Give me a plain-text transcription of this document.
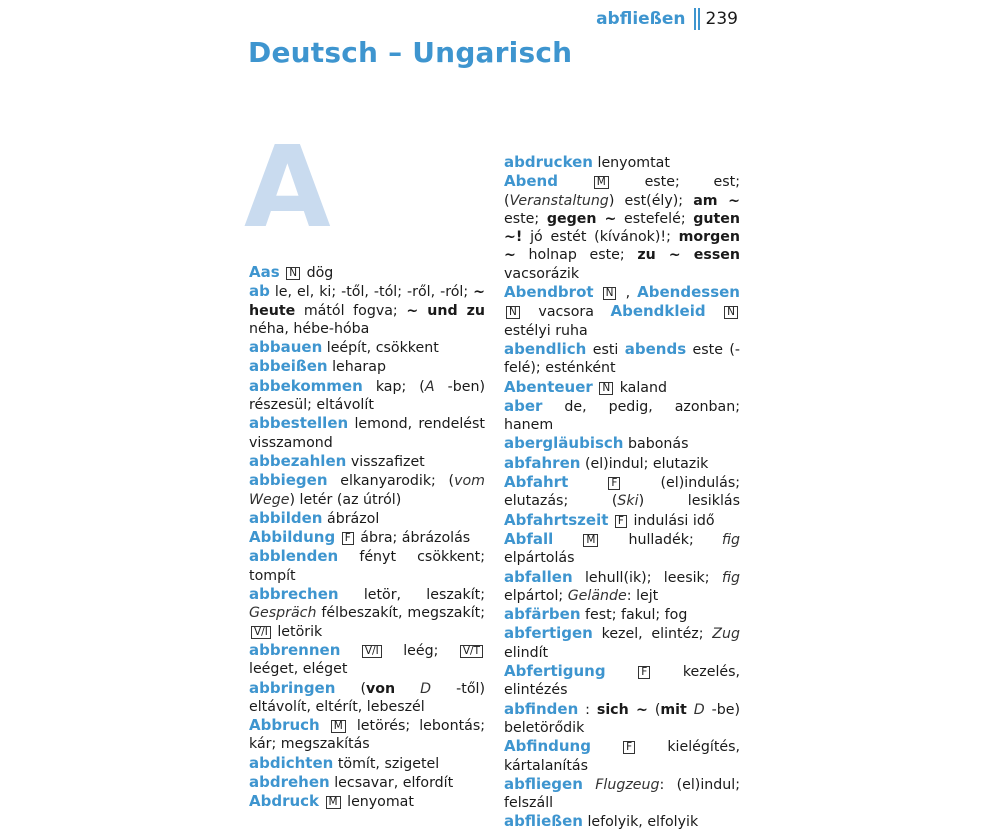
abfließen 239
Deutsch – Ungarisch
A

Aas N dög

ab le, el, ki; -től, -tól; -ről, -ról; ~ heute mától fogva; ~ und zu néha, hébe-hóba

abbauen leépít, csökkent

abbeißen leharap

abbekommen kap; (A -ben) részesül; eltávolít

abbestellen lemond, rendelést visszamond

abbezahlen visszafizet

abbiegen elkanyarodik; (vom Wege) letér (az útról)

abbilden ábrázol

Abbildung F ábra; ábrázolás

abblenden fényt csökkent; tompít

abbrechen letör, leszakít; Gespräch félbeszakít, megszakít; V/I letörik

abbrennen V/I leég; V/T leéget, eléget

abbringen (von D -től) eltávolít, eltérít, lebeszél

Abbruch M letörés; lebontás; kár; megszakítás

abdichten tömít, szigetel

abdrehen lecsavar, elfordít

Abdruck M lenyomat

abdrucken lenyomtat

Abend	M	este; est; (Veranstaltung) est(ély); am ~ este; gegen ~ estefelé; guten ~! jó estét (kívánok)!; morgen ~ holnap este; zu ~ essen vacsorázik

Abendbrot N , Abendessen N vacsora Abendkleid N estélyi ruha

abendlich esti abends este (-felé); esténként

Abenteuer N kaland

aber de, pedig, azonban; hanem

abergläubisch babonás

abfahren (el)indul; elutazik

Abfahrt	F	(el)indulás; elutazás; (Ski) lesiklás Abfahrtszeit F indulási idő

Abfall	M hulladék; fig elpártolás

abfallen lehull(ik); leesik; fig elpártol; Gelände: lejt

abfärben fest; fakul; fog

abfertigen kezel, elintéz; Zug elindít

Abfertigung	F	kezelés, elintézés

abfinden : sich ~ (mit D -be) beletörődik

Abfindung	F kielégítés, kártalanítás

abfliegen Flugzeug: (el)indul; felszáll

abfließen lefolyik, elfolyik
